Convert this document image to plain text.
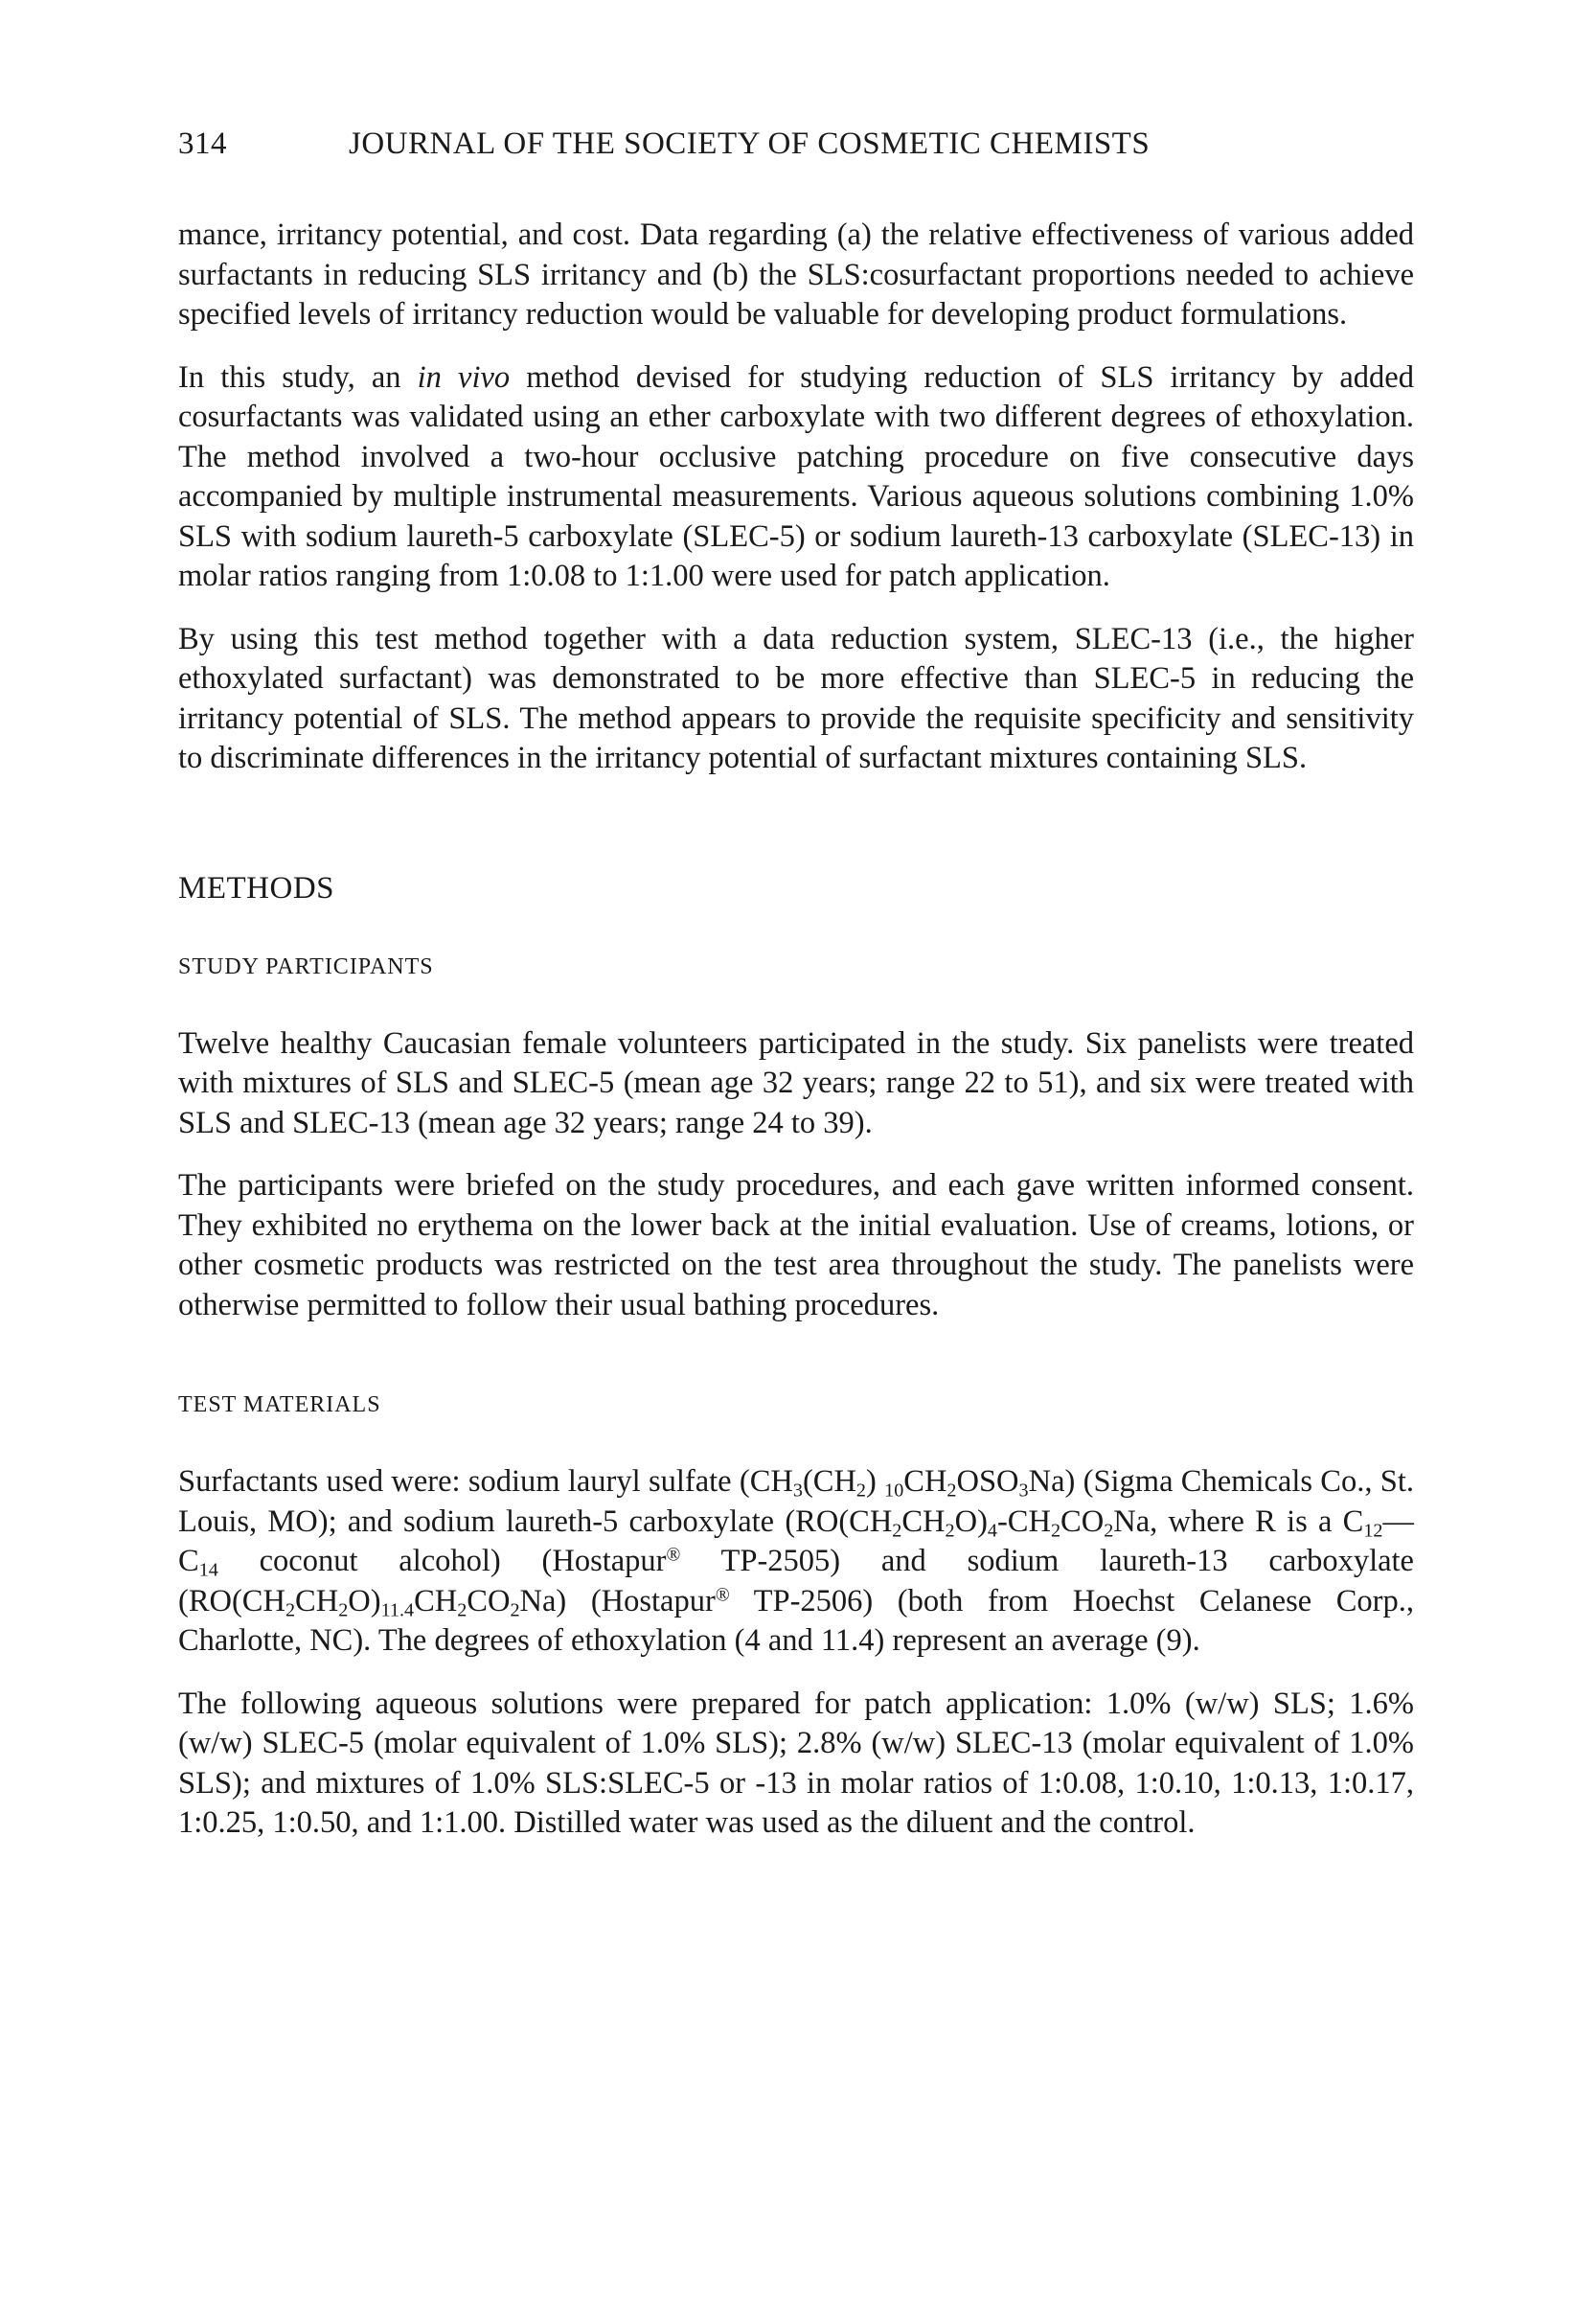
314	JOURNAL OF THE SOCIETY OF COSMETIC CHEMISTS

mance, irritancy potential, and cost. Data regarding (a) the relative effectiveness of various added surfactants in reducing SLS irritancy and (b) the SLS:cosurfactant proportions needed to achieve specified levels of irritancy reduction would be valuable for developing product formulations.

In this study, an in vivo method devised for studying reduction of SLS irritancy by added cosurfactants was validated using an ether carboxylate with two different degrees of ethoxylation. The method involved a two-hour occlusive patching procedure on five consecutive days accompanied by multiple instrumental measurements. Various aqueous solutions combining 1.0% SLS with sodium laureth-5 carboxylate (SLEC-5) or sodium laureth-13 carboxylate (SLEC-13) in molar ratios ranging from 1:0.08 to 1:1.00 were used for patch application.

By using this test method together with a data reduction system, SLEC-13 (i.e., the higher ethoxylated surfactant) was demonstrated to be more effective than SLEC-5 in reducing the irritancy potential of SLS. The method appears to provide the requisite specificity and sensitivity to discriminate differences in the irritancy potential of surfactant mixtures containing SLS.

METHODS
STUDY PARTICIPANTS

Twelve healthy Caucasian female volunteers participated in the study. Six panelists were treated with mixtures of SLS and SLEC-5 (mean age 32 years; range 22 to 51), and six were treated with SLS and SLEC-13 (mean age 32 years; range 24 to 39).

The participants were briefed on the study procedures, and each gave written informed consent. They exhibited no erythema on the lower back at the initial evaluation. Use of creams, lotions, or other cosmetic products was restricted on the test area throughout the study. The panelists were otherwise permitted to follow their usual bathing procedures.

TEST MATERIALS

Surfactants used were: sodium lauryl sulfate ($CH_3(CH_2)$ $_{10}CH_2OSO_3Na$) (Sigma Chemicals Co., St. Louis, MO); and sodium laureth-5 carboxylate ($RO(CH_2CH_2O)_4-CH_2CO_2Na$, where R is a $C_{12}—C_{14}$ coconut alcohol) (Hostapur® TP-2505) and sodium laureth-13 carboxylate $(RO(CH_2CH_2O)_{11.4}CH_2CO_2Na)$ (Hostapur® TP-2506) (both from Hoechst Celanese Corp., Charlotte, NC). The degrees of ethoxylation (4 and 11.4) represent an average (9).

The following aqueous solutions were prepared for patch application: 1.0% (w/w) SLS; 1.6% (w/w) SLEC-5 (molar equivalent of 1.0% SLS); 2.8% (w/w) SLEC-13 (molar equivalent of 1.0% SLS); and mixtures of 1.0% SLS:SLEC-5 or -13 in molar ratios of 1:0.08, 1:0.10, 1:0.13, 1:0.17, 1:0.25, 1:0.50, and 1:1.00. Distilled water was used as the diluent and the control.
